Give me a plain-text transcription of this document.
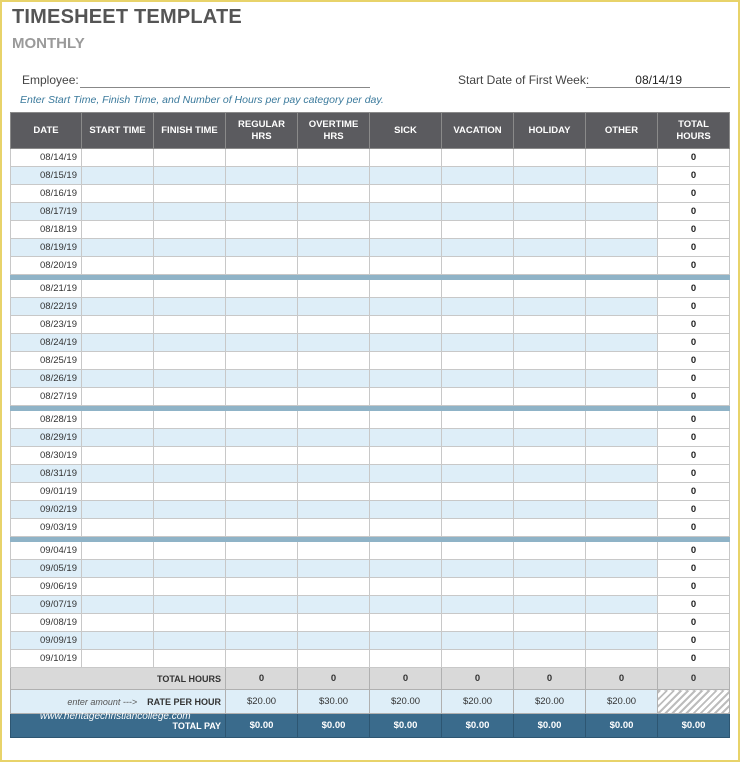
TIMESHEET TEMPLATE
MONTHLY
Employee:	Start Date of First Week:	08/14/19
Enter Start Time, Finish Time, and Number of Hours per pay category per day.
DATE	START TIME	FINISH TIME	REGULAR HRS	OVERTIME HRS	SICK	VACATION	HOLIDAY	OTHER	TOTAL HOURS
08/14/19									0
08/15/19									0
08/16/19									0
08/17/19									0
08/18/19									0
08/19/19									0
08/20/19									0

08/21/19									0
08/22/19									0
08/23/19									0
08/24/19									0
08/25/19									0
08/26/19									0
08/27/19									0

08/28/19									0
08/29/19									0
08/30/19									0
08/31/19									0
09/01/19									0
09/02/19									0
09/03/19									0

09/04/19									0
09/05/19									0
09/06/19									0
09/07/19									0
09/08/19									0
09/09/19									0
09/10/19									0
TOTAL HOURS			0	0	0	0	0	0	0
enter amount ---> RATE PER HOUR			$20.00	$30.00	$20.00	$20.00	$20.00	$20.00	
TOTAL PAY			$0.00	$0.00	$0.00	$0.00	$0.00	$0.00	$0.00
www.heritagechristiancollege.com
